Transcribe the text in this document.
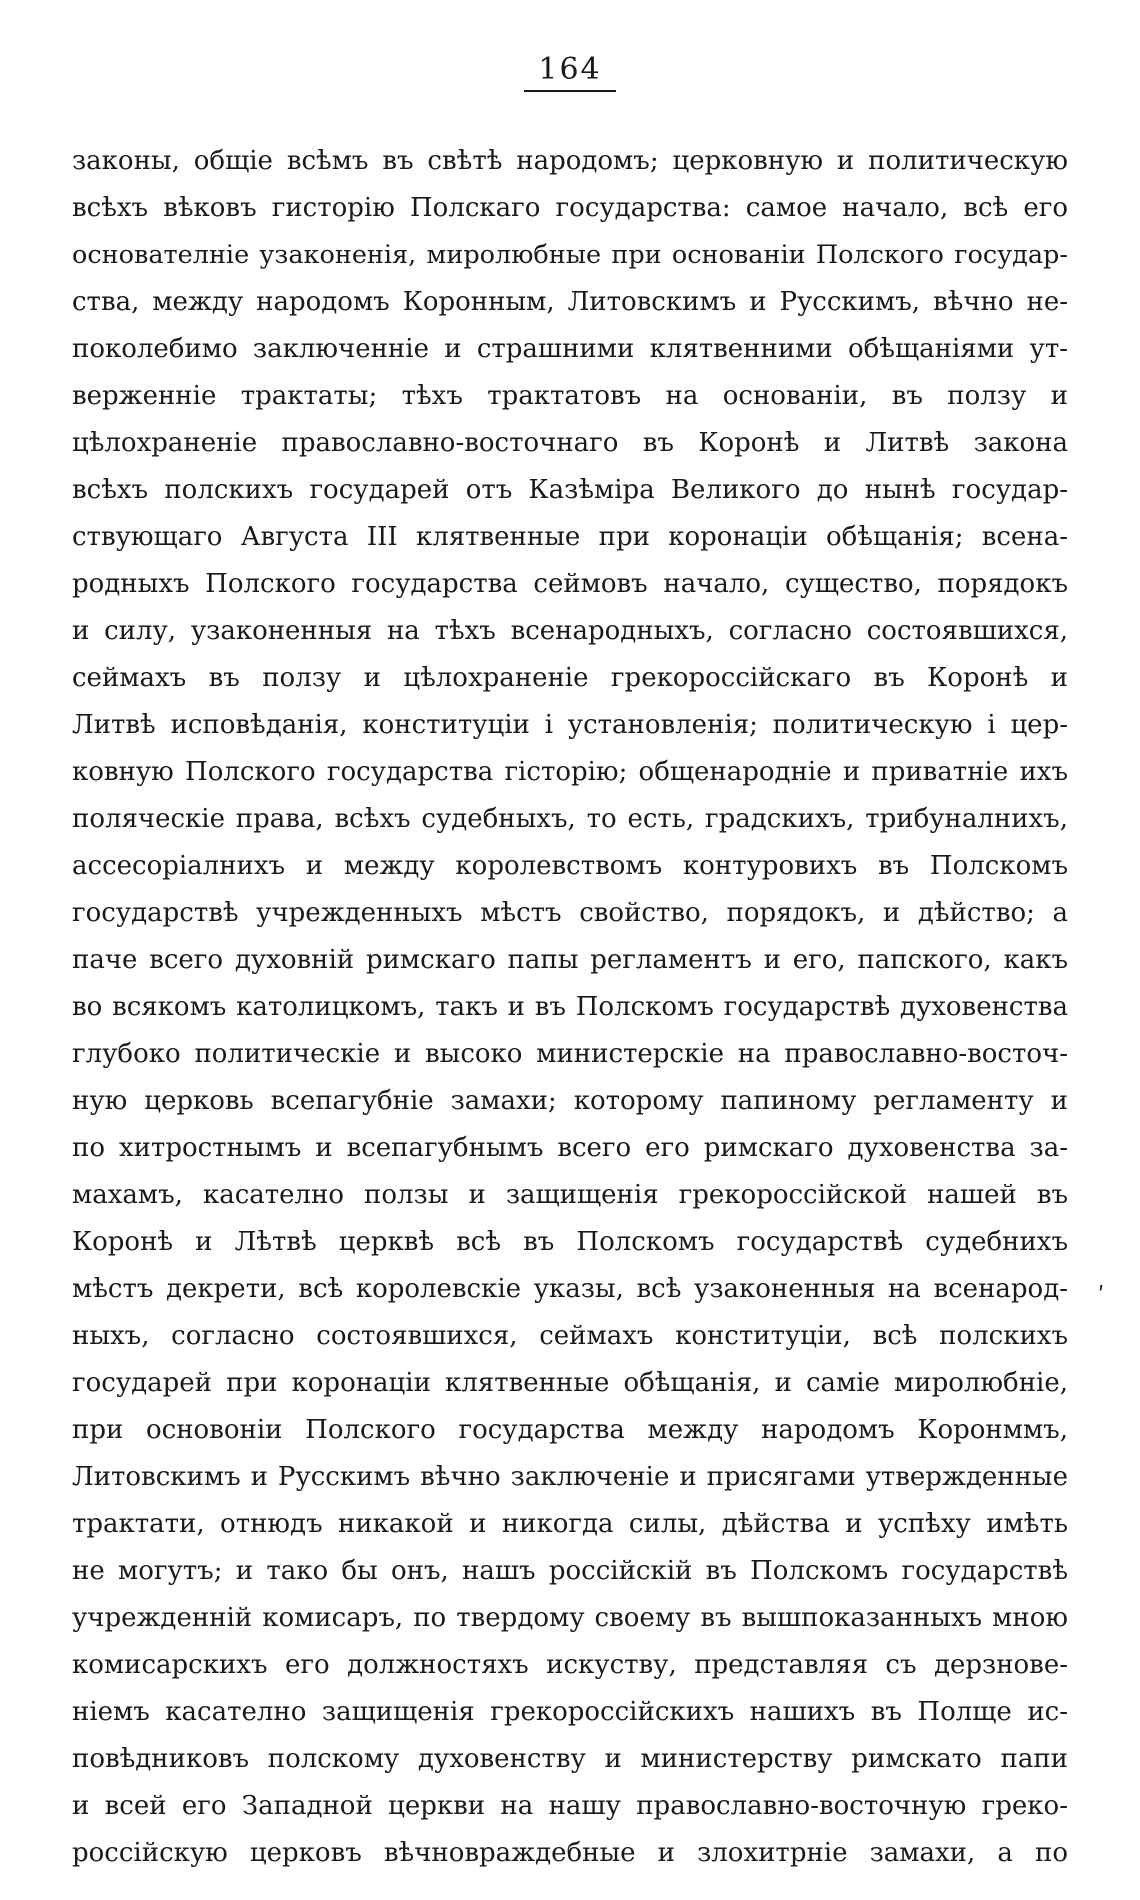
164
законы, общіе всѣмъ въ свѣтѣ народомъ; церковную и политическую
всѣхъ вѣковъ гисторію Полскаго государства: самое начало, всѣ его
основателніе узаконенія, миролюбные при основаніи Полского государ-
ства, между народомъ Коронным, Литовскимъ и Русскимъ, вѣчно не-
поколебимо заключенніе и страшними клятвенними обѣщаніями ут-
верженніе трактаты; тѣхъ трактатовъ на основаніи, въ ползу и
цѣлохраненіе православно-восточнаго въ Коронѣ и Литвѣ закона
всѣхъ полскихъ государей отъ Казѣміра Великого до нынѣ государ-
ствующаго Августа III клятвенные при коронаціи обѣщанія; всена-
родныхъ Полского государства сеймовъ начало, существо, порядокъ
и силу, узаконенныя на тѣхъ всенародныхъ, согласно состоявшихся,
сеймахъ въ ползу и цѣлохраненіе грекороссійскаго въ Коронѣ и
Литвѣ исповѣданія, конституціи і установленія; политическую і цер-
ковную Полского государства гісторію; общенародніе и приватніе ихъ
поляческіе права, всѣхъ судебныхъ, то есть, градскихъ, трибуналнихъ,
ассесоріалнихъ и между королевствомъ контуровихъ въ Полскомъ
государствѣ учрежденныхъ мѣстъ свойство, порядокъ, и дѣйство; а
паче всего духовній римскаго папы регламентъ и его, папского, какъ
во всякомъ католицкомъ, такъ и въ Полскомъ государствѣ духовенства
глубоко политическіе и высоко министерскіе на православно-восточ-
ную церковь всепагубніе замахи; которому папиному регламенту и
по хитростнымъ и всепагубнымъ всего его римскаго духовенства за-
махамъ, касателно ползы и защищенія грекороссійской нашей въ
Коронѣ и Лѣтвѣ церквѣ всѣ въ Полскомъ государствѣ судебнихъ
мѣстъ декрети, всѣ королевскіе указы, всѣ узаконенныя на всенарод-
ныхъ, согласно состоявшихся, сеймахъ конституціи, всѣ полскихъ
государей при коронаціи клятвенные обѣщанія, и саміе миролюбніе,
при основоніи Полского государства между народомъ Коронммъ,
Литовскимъ и Русскимъ вѣчно заключеніе и присягами утвержденные
трактати, отнюдъ никакой и никогда силы, дѣйства и успѣху имѣть
не могутъ; и тако бы онъ, нашъ россійскій въ Полскомъ государствѣ
учрежденній комисаръ, по твердому своему въ вышпоказанныхъ мною
комисарскихъ его должностяхъ искуству, представляя съ дерзнове-
ніемъ касателно защищенія грекороссійскихъ нашихъ въ Полще ис-
повѣдниковъ полскому духовенству и министерству римскато папи
и всей его Западной церкви на нашу православно-восточную греко-
россійскую церковъ вѣчновраждебные и злохитрніе замахи, а по
ʹ
